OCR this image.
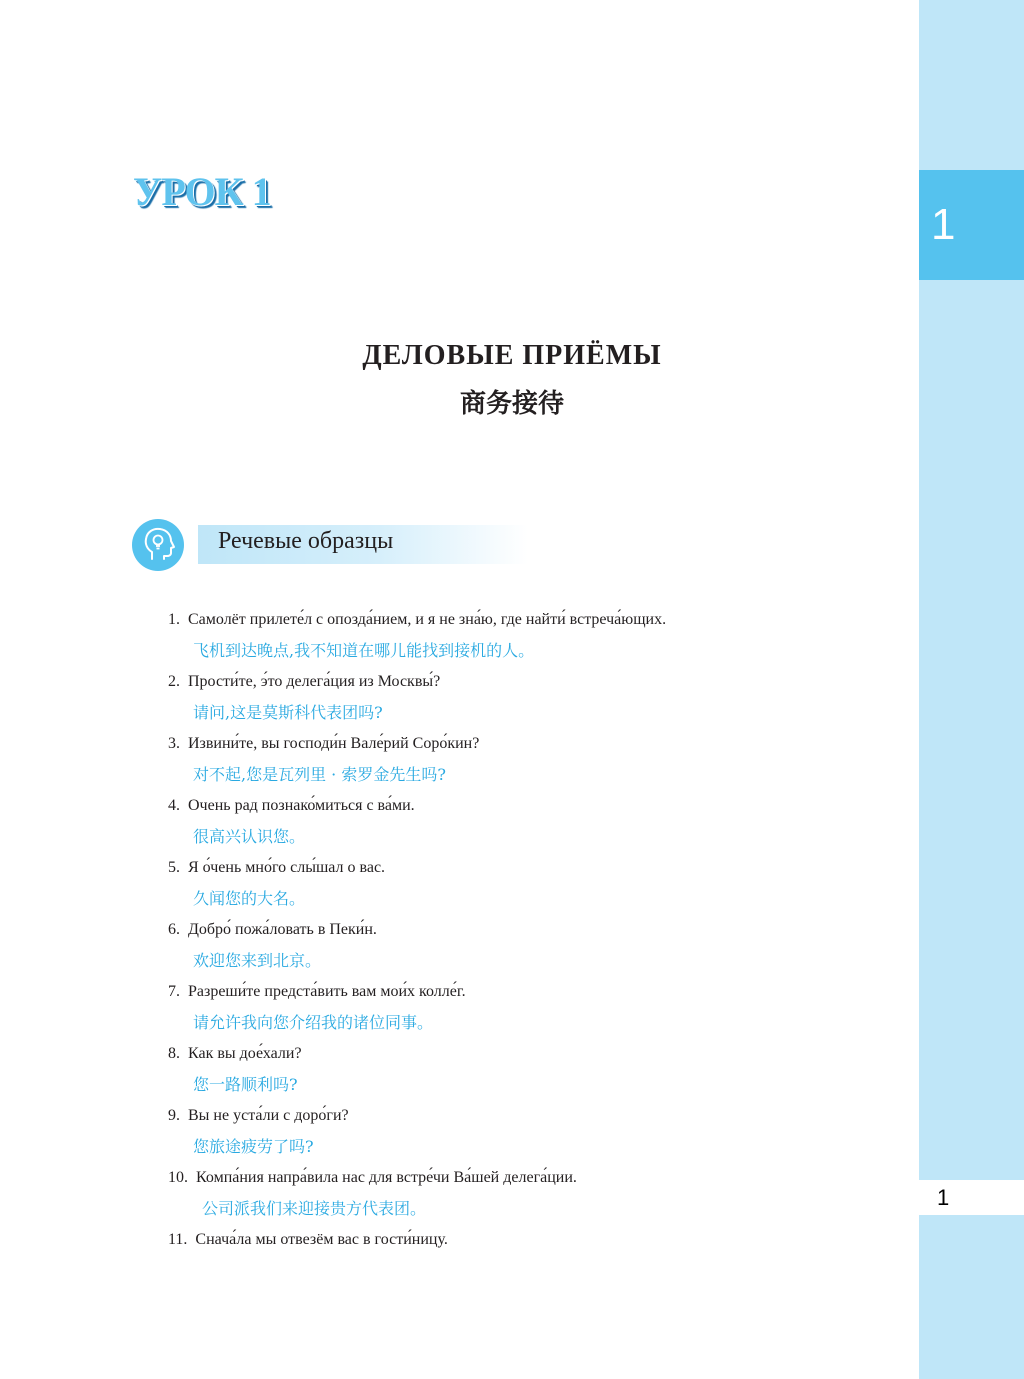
1
1
УРОК 1
ДЕЛОВЫЕ ПРИЁМЫ
商务接待
Речевые образцы
1. Самолёт прилете́л с опозда́нием, и я не зна́ю, где найти́ встреча́ющих.
飞机到达晚点,我不知道在哪儿能找到接机的人。
2. Прости́те, э́то делега́ция из Москвы́?
请问,这是莫斯科代表团吗?
3. Извини́те, вы господи́н Вале́рий Соро́кин?
对不起,您是瓦列里 · 索罗金先生吗?
4. Очень рад познако́миться с ва́ми.
很高兴认识您。
5. Я о́чень мно́го слы́шал о вас.
久闻您的大名。
6. Добро́ пожа́ловать в Пеки́н.
欢迎您来到北京。
7. Разреши́те предста́вить вам мои́х колле́г.
请允许我向您介绍我的诸位同事。
8. Как вы дое́хали?
您一路顺利吗?
9. Вы не уста́ли с доро́ги?
您旅途疲劳了吗?
10. Компа́ния напра́вила нас для встре́чи Ва́шей делега́ции.
公司派我们来迎接贵方代表团。
11. Снача́ла мы отвезём вас в гости́ницу.
